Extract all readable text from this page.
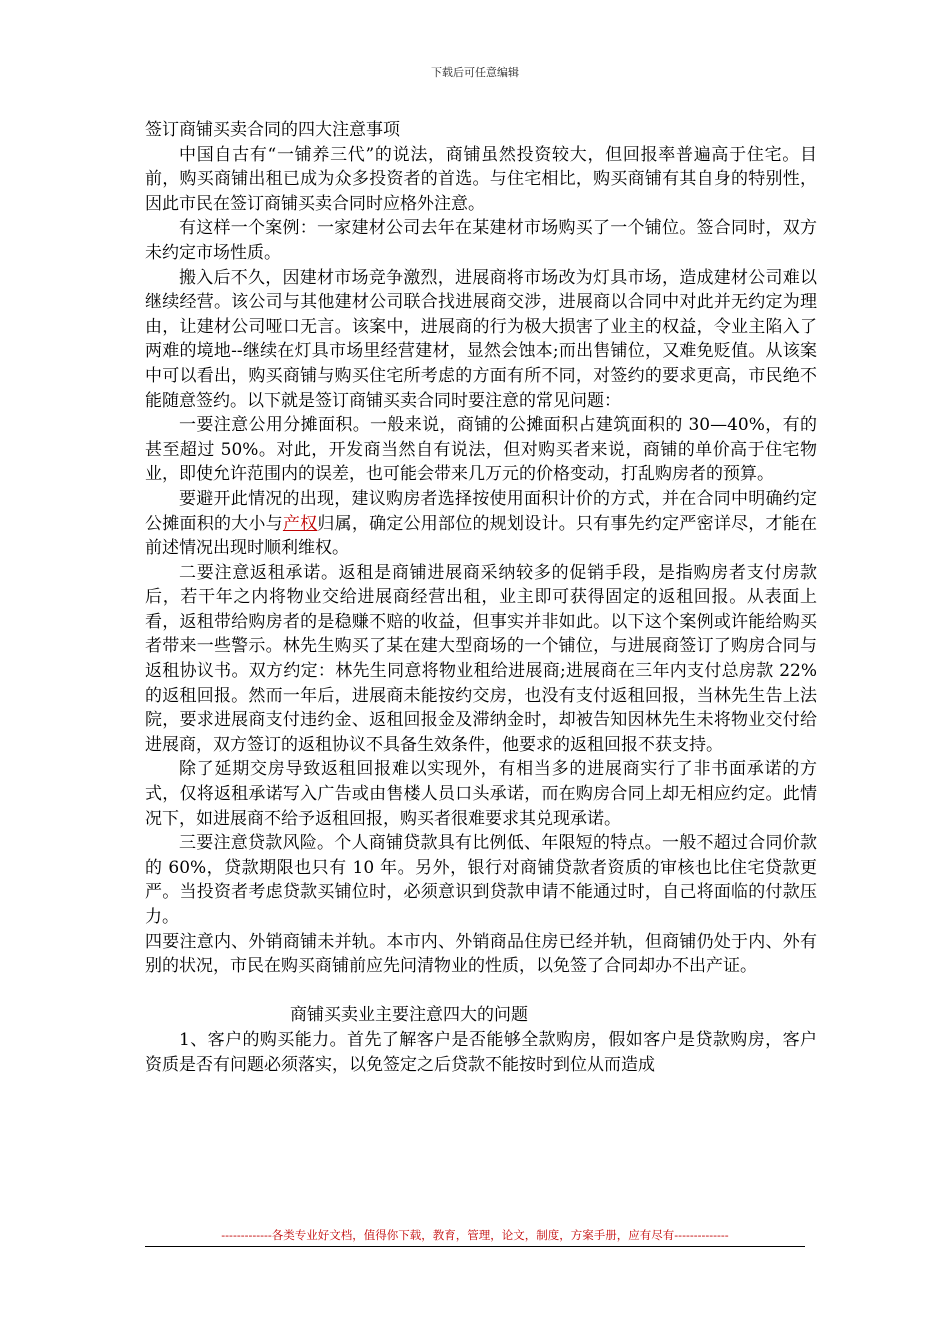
下载后可任意编辑

签订商铺买卖合同的四大注意事项

中国自古有“一铺养三代”的说法，商铺虽然投资较大，但回报率普遍高于住宅。目前，购买商铺出租已成为众多投资者的首选。与住宅相比，购买商铺有其自身的特别性，因此市民在签订商铺买卖合同时应格外注意。

有这样一个案例：一家建材公司去年在某建材市场购买了一个铺位。签合同时，双方未约定市场性质。

搬入后不久，因建材市场竞争激烈，进展商将市场改为灯具市场，造成建材公司难以继续经营。该公司与其他建材公司联合找进展商交涉，进展商以合同中对此并无约定为理由，让建材公司哑口无言。该案中，进展商的行为极大损害了业主的权益，令业主陷入了两难的境地--继续在灯具市场里经营建材，显然会蚀本;而出售铺位，又难免贬值。从该案中可以看出，购买商铺与购买住宅所考虑的方面有所不同，对签约的要求更高，市民绝不能随意签约。以下就是签订商铺买卖合同时要注意的常见问题：

一要注意公用分摊面积。一般来说，商铺的公摊面积占建筑面积的 30—40%，有的甚至超过 50%。对此，开发商当然自有说法，但对购买者来说，商铺的单价高于住宅物业，即使允许范围内的误差，也可能会带来几万元的价格变动，打乱购房者的预算。

要避开此情况的出现，建议购房者选择按使用面积计价的方式，并在合同中明确约定公摊面积的大小与产权归属，确定公用部位的规划设计。只有事先约定严密详尽，才能在前述情况出现时顺利维权。

二要注意返租承诺。返租是商铺进展商采纳较多的促销手段，是指购房者支付房款后，若干年之内将物业交给进展商经营出租，业主即可获得固定的返租回报。从表面上看，返租带给购房者的是稳赚不赔的收益，但事实并非如此。以下这个案例或许能给购买者带来一些警示。林先生购买了某在建大型商场的一个铺位，与进展商签订了购房合同与返租协议书。双方约定：林先生同意将物业租给进展商;进展商在三年内支付总房款 22%的返租回报。然而一年后，进展商未能按约交房，也没有支付返租回报，当林先生告上法院，要求进展商支付违约金、返租回报金及滞纳金时，却被告知因林先生未将物业交付给进展商，双方签订的返租协议不具备生效条件，他要求的返租回报不获支持。

除了延期交房导致返租回报难以实现外，有相当多的进展商实行了非书面承诺的方式，仅将返租承诺写入广告或由售楼人员口头承诺，而在购房合同上却无相应约定。此情况下，如进展商不给予返租回报，购买者很难要求其兑现承诺。

三要注意贷款风险。个人商铺贷款具有比例低、年限短的特点。一般不超过合同价款的 60%，贷款期限也只有 10 年。另外，银行对商铺贷款者资质的审核也比住宅贷款更严。当投资者考虑贷款买铺位时，必须意识到贷款申请不能通过时，自己将面临的付款压力。

四要注意内、外销商铺未并轨。本市内、外销商品住房已经并轨，但商铺仍处于内、外有别的状况，市民在购买商铺前应先问清物业的性质，以免签了合同却办不出产证。

商铺买卖业主要注意四大的问题

1、客户的购买能力。首先了解客户是否能够全款购房，假如客户是贷款购房，客户资质是否有问题必须落实，以免签定之后贷款不能按时到位从而造成

-------------各类专业好文档，值得你下载，教育，管理，论文，制度，方案手册，应有尽有--------------
